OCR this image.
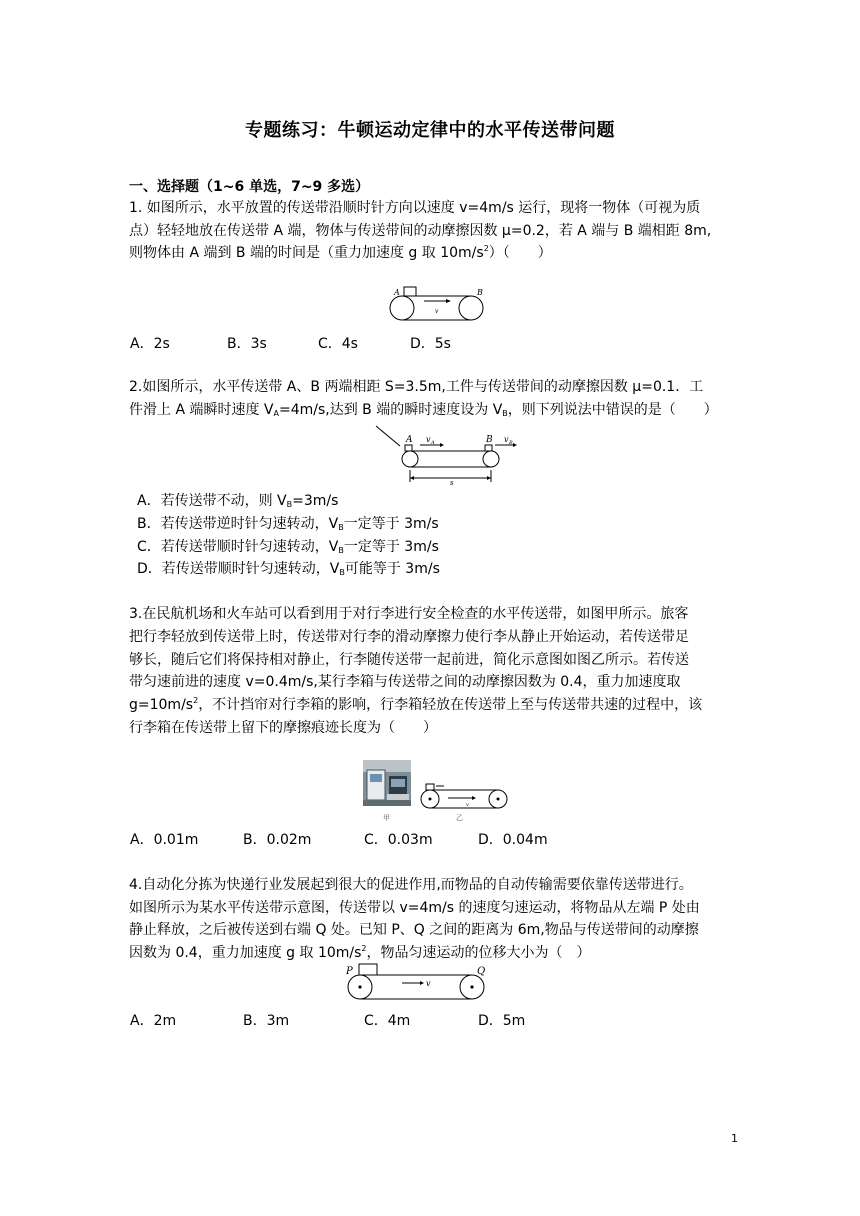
专题练习：牛顿运动定律中的水平传送带问题
一、选择题（1~6 单选，7~9 多选）
1. 如图所示，水平放置的传送带沿顺时针方向以速度 v=4m/s 运行，现将一物体（可视为质
点）轻轻地放在传送带 A 端，物体与传送带间的动摩擦因数 μ=0.2，若 A 端与 B 端相距 8m,
则物体由 A 端到 B 端的时间是（重力加速度 g 取 $10m/s^2$）（　　）
A	B
v
A．2s	B．3s	C．4s	D．5s
2.如图所示，水平传送带 A、B 两端相距 S=3.5m,工件与传送带间的动摩擦因数 μ=0.1．工
件滑上 A 端瞬时速度 $V_A=4m/s$,达到 B 端的瞬时速度设为 $V_B$，则下列说法中错误的是（　　）
A	B
v A	v B
s
A．若传送带不动，则 $V_B=3m/s$
B．若传送带逆时针匀速转动，$V_B$一定等于 3m/s
C．若传送带顺时针匀速转动，$V_B$一定等于 3m/s
D．若传送带顺时针匀速转动，$V_B$可能等于 3m/s
3.在民航机场和火车站可以看到用于对行李进行安全检查的水平传送带，如图甲所示。旅客
把行李轻放到传送带上时，传送带对行李的滑动摩擦力使行李从静止开始运动，若传送带足
够长，随后它们将保持相对静止，行李随传送带一起前进，简化示意图如图乙所示。若传送
带匀速前进的速度 v=0.4m/s,某行李箱与传送带之间的动摩擦因数为 0.4，重力加速度取
$g=10m/s^2$，不计挡帘对行李箱的影响，行李箱轻放在传送带上至与传送带共速的过程中，该
行李箱在传送带上留下的摩擦痕迹长度为（　　）
甲
v
乙
A．0.01m	B．0.02m	C．0.03m	D．0.04m
4.自动化分拣为快递行业发展起到很大的促进作用,而物品的自动传输需要依靠传送带进行。
如图所示为某水平传送带示意图，传送带以 v=4m/s 的速度匀速运动，将物品从左端 P 处由
静止释放，之后被传送到右端 Q 处。已知 P、Q 之间的距离为 6m,物品与传送带间的动摩擦
因数为 0.4，重力加速度 g 取 $10m/s^2$，物品匀速运动的位移大小为（　）
v
P	Q
A．2m	B．3m	C．4m	D．5m
1
